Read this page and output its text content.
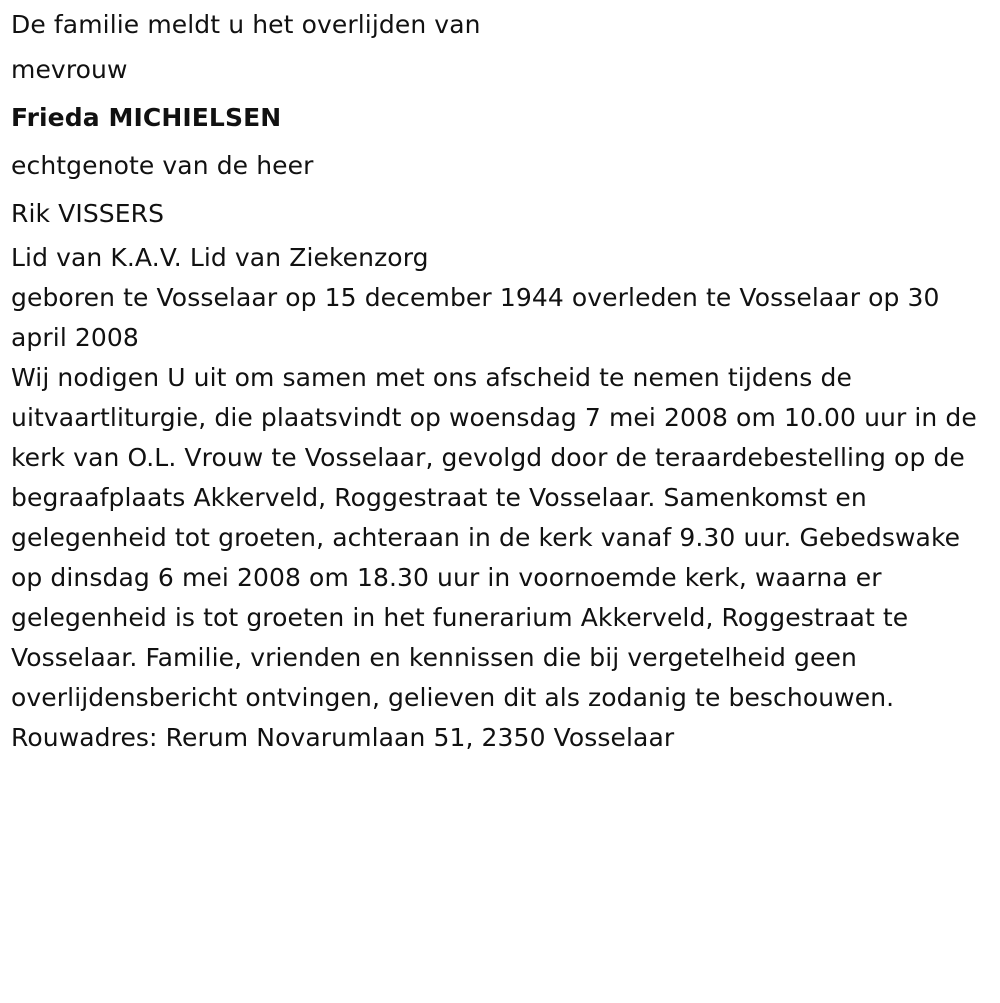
De familie meldt u het overlijden van

mevrouw

Frieda MICHIELSEN

echtgenote van de heer

Rik VISSERS

Lid van K.A.V. Lid van Ziekenzorg

geboren te Vosselaar op 15 december 1944 overleden te Vosselaar op 30 april 2008

Wij nodigen U uit om samen met ons afscheid te nemen tijdens de uitvaartliturgie, die plaatsvindt op woensdag 7 mei 2008 om 10.00 uur in de kerk van O.L. Vrouw te Vosselaar, gevolgd door de teraardebestelling op de begraafplaats Akkerveld, Roggestraat te Vosselaar. Samenkomst en gelegenheid tot groeten, achteraan in de kerk vanaf 9.30 uur. Gebedswake op dinsdag 6 mei 2008 om 18.30 uur in voornoemde kerk, waarna er gelegenheid is tot groeten in het funerarium Akkerveld, Roggestraat te Vosselaar. Familie, vrienden en kennissen die bij vergetelheid geen overlijdensbericht ontvingen, gelieven dit als zodanig te beschouwen.

Rouwadres: Rerum Novarumlaan 51, 2350 Vosselaar
